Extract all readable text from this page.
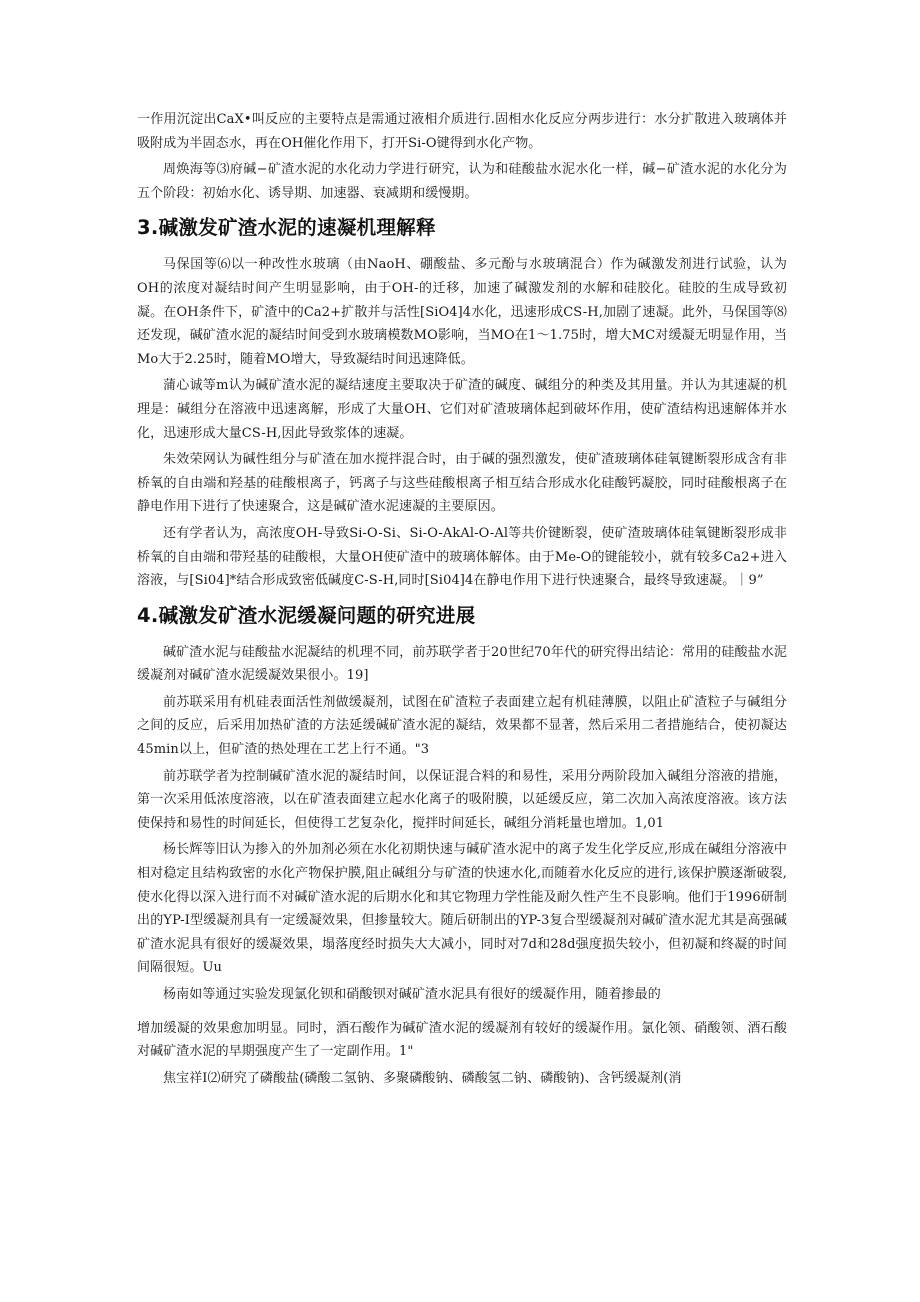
一作用沉淀出CaX•叫反应的主要特点是需通过液相介质进行.固相水化反应分两步进行：水分扩散进入玻璃体并吸附成为半固态水，再在OH催化作用下，打开Si-O键得到水化产物。

周焕海等⑶府碱−矿渣水泥的水化动力学进行研究，认为和硅酸盐水泥水化一样，碱−矿渣水泥的水化分为五个阶段：初始水化、诱导期、加速器、衰减期和缓慢期。

3.碱激发矿渣水泥的速凝机理解释

马保国等⑹以一种改性水玻璃（由NaoH、硼酸盐、多元酚与水玻璃混合）作为碱激发剂进行试验，认为OH的浓度对凝结时间产生明显影响，由于OH-的迁移，加速了碱激发剂的水解和硅胶化。硅胶的生成导致初凝。在OH条件下，矿渣中的Ca2+扩散并与活性[SiO4]4水化，迅速形成CS-H,加剧了速凝。此外，马保国等⑻还发现，碱矿渣水泥的凝结时间受到水玻璃模数MO影响，当MO在1～1.75时，增大MC对缓凝无明显作用，当Mo大于2.25时，随着MO增大，导致凝结时间迅速降低。

蒲心诚等m认为碱矿渣水泥的凝结速度主要取决于矿渣的碱度、碱组分的种类及其用量。并认为其速凝的机理是：碱组分在溶液中迅速离解，形成了大量OH、它们对矿渣玻璃体起到破坏作用，使矿渣结构迅速解体并水化，迅速形成大量CS-H,因此导致浆体的速凝。

朱效荣网认为碱性组分与矿渣在加水搅拌混合时，由于碱的强烈激发，使矿渣玻璃体硅氧键断裂形成含有非桥氧的自由端和羟基的硅酸根离子，钙离子与这些硅酸根离子相互结合形成水化硅酸钙凝胶，同时硅酸根离子在静电作用下进行了快速聚合，这是碱矿渣水泥速凝的主要原因。

还有学者认为，高浓度OH-导致Si-O-Si、Si-O-AkAl-O-Al等共价键断裂，使矿渣玻璃体硅氧键断裂形成非桥氧的自由端和带羟基的硅酸根，大量OH使矿渣中的玻璃体解体。由于Me-O的键能较小，就有较多Ca2+进入溶液，与[Si04]*结合形成致密低碱度C-S-H,同时[Si04]4在静电作用下进行快速聚合，最终导致速凝。｜9”

4.碱激发矿渣水泥缓凝问题的研究进展

碱矿渣水泥与硅酸盐水泥凝结的机理不同，前苏联学者于20世纪70年代的研究得出结论：常用的硅酸盐水泥缓凝剂对碱矿渣水泥缓凝效果很小。19]

前苏联采用有机硅表面活性剂做缓凝剂，试图在矿渣粒子表面建立起有机硅薄膜，以阻止矿渣粒子与碱组分之间的反应，后采用加热矿渣的方法延缓碱矿渣水泥的凝结，效果都不显著，然后采用二者措施结合，使初凝达45min以上，但矿渣的热处理在工艺上行不通。"3

前苏联学者为控制碱矿渣水泥的凝结时间，以保证混合料的和易性，采用分两阶段加入碱组分溶液的措施，第一次采用低浓度溶液，以在矿渣表面建立起水化离子的吸附膜，以延缓反应，第二次加入高浓度溶液。该方法使保持和易性的时间延长，但使得工艺复杂化，搅拌时间延长，碱组分消耗量也增加。1,01

杨长辉等旧认为掺入的外加剂必须在水化初期快速与碱矿渣水泥中的离子发生化学反应,形成在碱组分溶液中相对稳定且结构致密的水化产物保护膜,阻止碱组分与矿渣的快速水化,而随着水化反应的进行,该保护膜逐渐破裂,使水化得以深入进行而不对碱矿渣水泥的后期水化和其它物理力学性能及耐久性产生不良影响。他们于1996研制出的YP-I型缓凝剂具有一定缓凝效果，但掺量较大。随后研制出的YP-3复合型缓凝剂对碱矿渣水泥尤其是高强碱矿渣水泥具有很好的缓凝效果，塌落度经时损失大大减小，同时对7d和28d强度损失较小，但初凝和终凝的时间间隔很短。Uu

杨南如等通过实验发现氯化钡和硝酸钡对碱矿渣水泥具有很好的缓凝作用，随着掺最的

增加缓凝的效果愈加明显。同时，酒石酸作为碱矿渣水泥的缓凝剂有较好的缓凝作用。氯化领、硝酸领、酒石酸对碱矿渣水泥的早期强度产生了一定副作用。1"

焦宝祥I⑵研究了磷酸盐(磷酸二氢钠、多聚磷酸钠、磷酸氢二钠、磷酸钠)、含钙缓凝剂(消
